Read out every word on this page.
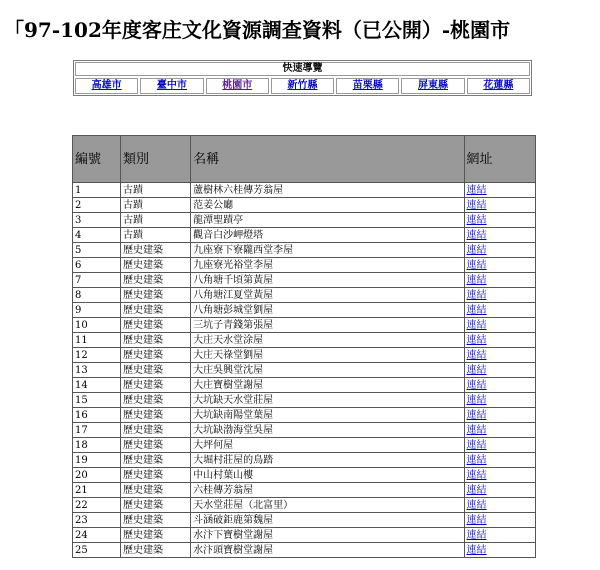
「97-102年度客庄文化資源調查資料（已公開）-桃園市
快速導覽
高雄市	臺中市	桃園市	新竹縣	苗栗縣	屏東縣	花蓮縣
編號	類別	名稱	網址
1	古蹟	蘆樹林六桂傳芳翁屋	連結
2	古蹟	范姜公廳	連結
3	古蹟	龍潭聖蹟亭	連結
4	古蹟	觀音白沙岬燈塔	連結
5	歷史建築	九座寮下寮隴西堂李屋	連結
6	歷史建築	九座寮光裕堂李屋	連結
7	歷史建築	八角塘千頃第黃屋	連結
8	歷史建築	八角塘江夏堂黃屋	連結
9	歷史建築	八角塘彭城堂劉屋	連結
10	歷史建築	三坑子青錢第張屋	連結
11	歷史建築	大庄天水堂涂屋	連結
12	歷史建築	大庄天祿堂劉屋	連結
13	歷史建築	大庄吳興堂沈屋	連結
14	歷史建築	大庄寶樹堂謝屋	連結
15	歷史建築	大坑缺天水堂莊屋	連結
16	歷史建築	大坑缺南陽堂葉屋	連結
17	歷史建築	大坑缺渤海堂吳屋	連結
18	歷史建築	大坪何屋	連結
19	歷史建築	大堀村莊屋的鳥踏	連結
20	歷史建築	中山村葉山樓	連結
21	歷史建築	六桂傳芳翁屋	連結
22	歷史建築	天水堂莊屋（北富里）	連結
23	歷史建築	斗涵破鉅鹿第魏屋	連結
24	歷史建築	水汴下寶樹堂謝屋	連結
25	歷史建築	水汴頭寶樹堂謝屋	連結
